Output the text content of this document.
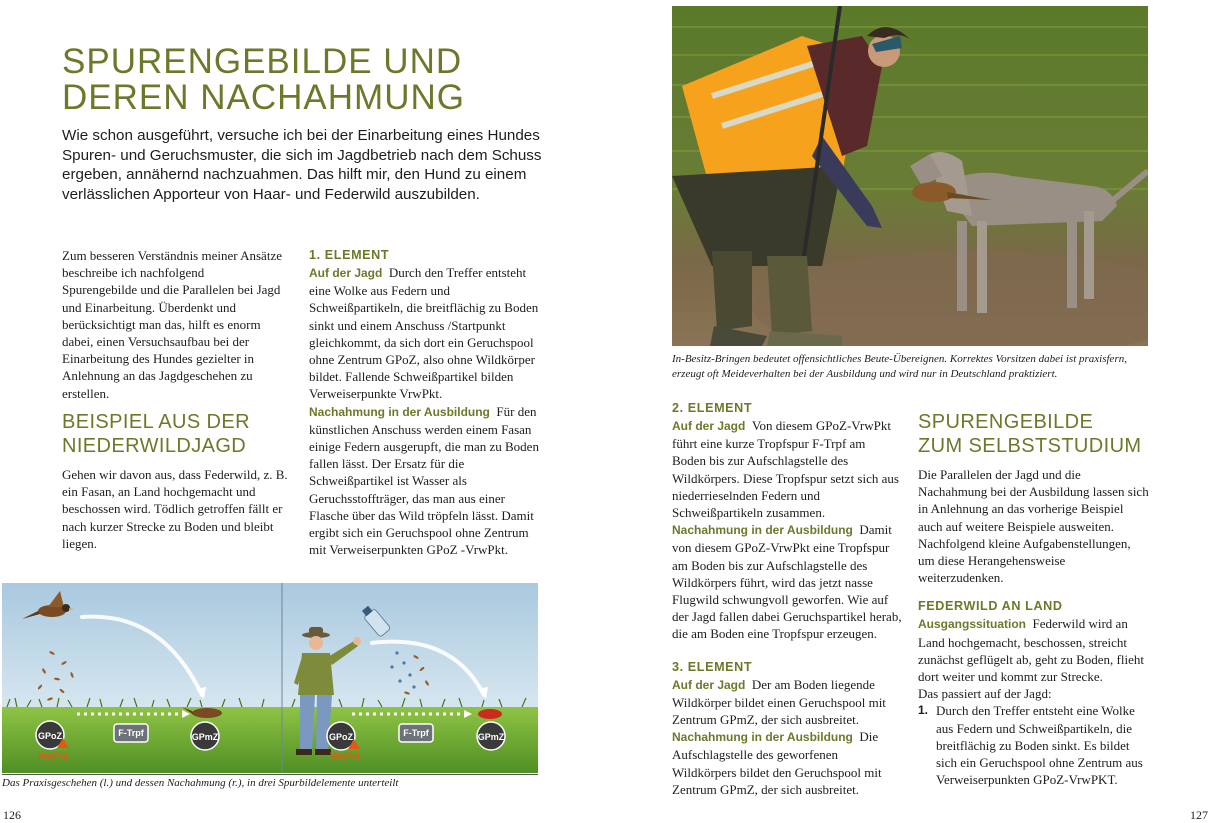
SPURENGEBILDE UND
DEREN NACHAHMUNG

Wie schon ausgeführt, versuche ich bei der Einarbeitung eines Hundes Spuren- und Geruchsmuster, die sich im Jagdbetrieb nach dem Schuss ergeben, annähernd nachzuahmen. Das hilft mir, den Hund zu einem verlässlichen Apporteur von Haar- und Federwild auszubilden.

Zum besseren Verständnis meiner Ansätze beschreibe ich nachfolgend Spurengebilde und die Parallelen bei Jagd und Einarbeitung. Überdenkt und berücksichtigt man das, hilft es enorm dabei, einen Versuchsaufbau bei der Einarbeitung des Hundes gezielter in Anlehnung an das Jagdgeschehen zu erstellen.

BEISPIEL AUS DER
NIEDERWILDJAGD

Gehen wir davon aus, dass Federwild, z. B. ein Fasan, an Land hochgemacht und beschossen wird. Tödlich getroffen fällt er nach kurzer Strecke zu Boden und bleibt liegen.

1. ELEMENT

Auf der Jagd Durch den Treffer entsteht eine Wolke aus Federn und Schweißpartikeln, die breitflächig zu Boden sinkt und einem Anschuss /Startpunkt gleichkommt, da sich dort ein Geruchspool ohne Zentrum GPoZ, also ohne Wildkörper bildet. Fallende Schweißpartikel bilden Verweiserpunkte VrwPkt.

Nachahmung in der Ausbildung Für den künstlichen Anschuss werden einem Fasan einige Federn ausgerupft, die man zu Boden fallen lässt. Der Ersatz für die Schweißpartikel ist Wasser als Geruchsstoffträger, das man aus einer Flasche über das Wild tröpfeln lässt. Damit ergibt sich ein Geruchspool ohne Zentrum mit Verweiserpunkten GPoZ -VrwPkt.

GPoZ
VrwPkt
F-Trpf	GPmZ	GPoZ
VrwPkt
F-Trpf	GPmZ
Das Praxisgeschehen (l.) und dessen Nachahmung (r.), in drei Spurbildelemente unterteilt
126
In-Besitz-Bringen bedeutet offensichtliches Beute-Übereignen. Korrektes Vorsitzen dabei ist praxisfern, erzeugt oft Meideverhalten bei der Ausbildung und wird nur in Deutschland praktiziert.
2. ELEMENT

Auf der Jagd Von diesem GPoZ-VrwPkt führt eine kurze Tropfspur F-Trpf am Boden bis zur Aufschlagstelle des Wildkörpers. Diese Tropfspur setzt sich aus niederrieselnden Federn und Schweißpartikeln zusammen.

Nachahmung in der Ausbildung Damit von diesem GPoZ-VrwPkt eine Tropfspur am Boden bis zur Aufschlagstelle des Wildkörpers führt, wird das jetzt nasse Flugwild schwungvoll geworfen. Wie auf der Jagd fallen dabei Geruchspartikel herab, die am Boden eine Tropfspur erzeugen.

3. ELEMENT

Auf der Jagd Der am Boden liegende Wildkörper bildet einen Geruchspool mit Zentrum GPmZ, der sich ausbreitet.

Nachahmung in der Ausbildung Die Aufschlagstelle des geworfenen Wildkörpers bildet den Geruchspool mit Zentrum GPmZ, der sich ausbreitet.

SPURENGEBILDE
ZUM SELBSTSTUDIUM

Die Parallelen der Jagd und die Nachahmung bei der Ausbildung lassen sich in Anlehnung an das vorherige Beispiel auch auf weitere Beispiele ausweiten. Nachfolgend kleine Aufgabenstellungen, um diese Herangehensweise weiterzudenken.

FEDERWILD AN LAND

Ausgangssituation Federwild wird an Land hochgemacht, beschossen, streicht zunächst geflügelt ab, geht zu Boden, flieht dort weiter und kommt zur Strecke.

Das passiert auf der Jagd:

1. Durch den Treffer entsteht eine Wolke aus Federn und Schweißpartikeln, die breitflächig zu Boden sinkt. Es bildet sich ein Geruchspool ohne Zentrum aus Verweiserpunkten GPoZ-VrwPKT.
127
